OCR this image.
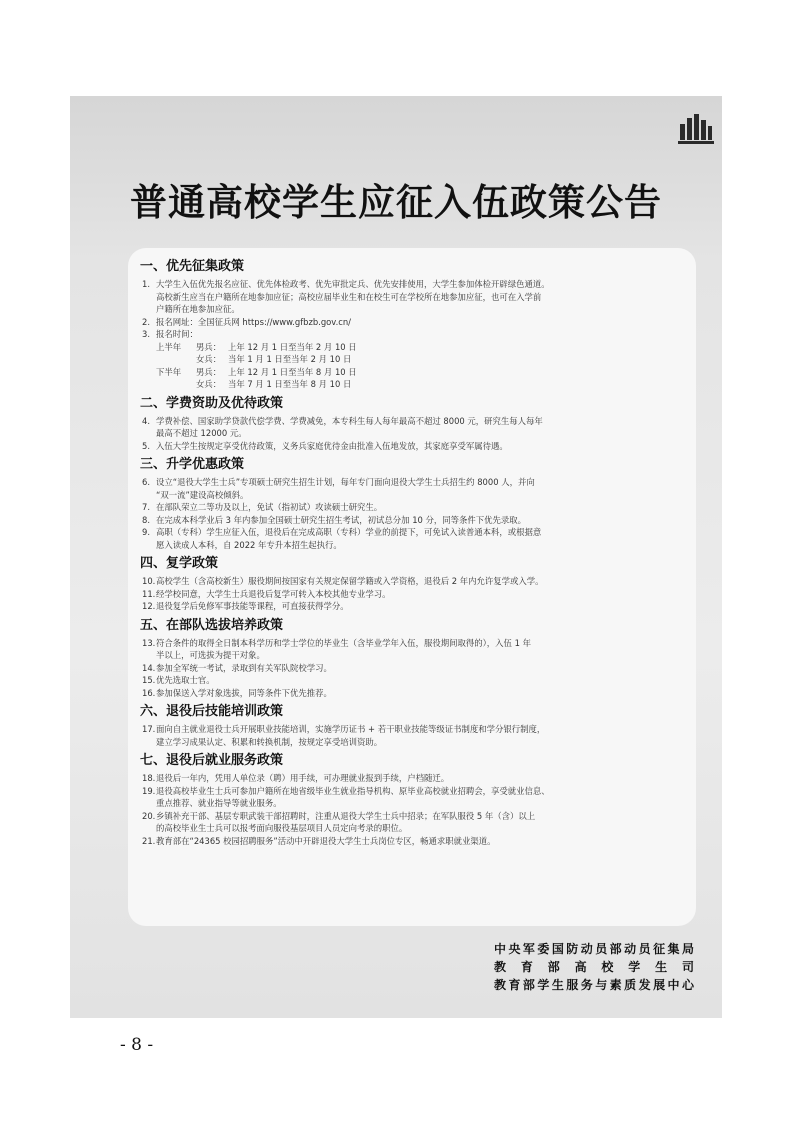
普通高校学生应征入伍政策公告
一、优先征集政策
1. 大学生入伍优先报名应征、优先体检政考、优先审批定兵、优先安排使用，大学生参加体检开辟绿色通道。
高校新生应当在户籍所在地参加应征；高校应届毕业生和在校生可在学校所在地参加应征，也可在入学前
户籍所在地参加应征。
2. 报名网址：全国征兵网 https://www.gfbzb.gov.cn/
3. 报名时间：
上半年 男兵： 上年 12 月 1 日至当年 2 月 10 日
女兵： 当年 1 月 1 日至当年 2 月 10 日
下半年 男兵： 上年 12 月 1 日至当年 8 月 10 日
女兵： 当年 7 月 1 日至当年 8 月 10 日
二、学费资助及优待政策
4. 学费补偿、国家助学贷款代偿学费、学费减免，本专科生每人每年最高不超过 8000 元，研究生每人每年
最高不超过 12000 元。
5. 入伍大学生按规定享受优待政策，义务兵家庭优待金由批准入伍地发放，其家庭享受军属待遇。
三、升学优惠政策
6. 设立“退役大学生士兵”专项硕士研究生招生计划，每年专门面向退役大学生士兵招生约 8000 人，并向
“双一流”建设高校倾斜。
7. 在部队荣立二等功及以上，免试（指初试）攻读硕士研究生。
8. 在完成本科学业后 3 年内参加全国硕士研究生招生考试，初试总分加 10 分，同等条件下优先录取。
9. 高职（专科）学生应征入伍，退役后在完成高职（专科）学业的前提下，可免试入读普通本科，或根据意
愿入读成人本科，自 2022 年专升本招生起执行。
四、复学政策
10. 高校学生（含高校新生）服役期间按国家有关规定保留学籍或入学资格，退役后 2 年内允许复学或入学。
11. 经学校同意，大学生士兵退役后复学可转入本校其他专业学习。
12. 退役复学后免修军事技能等课程，可直接获得学分。
五、在部队选拔培养政策
13. 符合条件的取得全日制本科学历和学士学位的毕业生（含毕业学年入伍，服役期间取得的），入伍 1 年
半以上，可选拔为提干对象。
14. 参加全军统一考试，录取到有关军队院校学习。
15. 优先选取士官。
16. 参加保送入学对象选拔，同等条件下优先推荐。
六、退役后技能培训政策
17. 面向自主就业退役士兵开展职业技能培训，实施学历证书 + 若干职业技能等级证书制度和学分银行制度，
建立学习成果认定、积累和转换机制，按规定享受培训资助。
七、退役后就业服务政策
18. 退役后一年内，凭用人单位录（聘）用手续，可办理就业报到手续，户档随迁。
19. 退役高校毕业生士兵可参加户籍所在地省级毕业生就业指导机构、原毕业高校就业招聘会，享受就业信息、
重点推荐、就业指导等就业服务。
20. 乡镇补充干部、基层专职武装干部招聘时，注重从退役大学生士兵中招录；在军队服役 5 年（含）以上
的高校毕业生士兵可以报考面向服役基层项目人员定向考录的职位。
21. 教育部在“24365 校园招聘服务”活动中开辟退役大学生士兵岗位专区，畅通求职就业渠道。
中央军委国防动员部动员征集局
教育部高校学生司
教育部学生服务与素质发展中心
- 8 -
